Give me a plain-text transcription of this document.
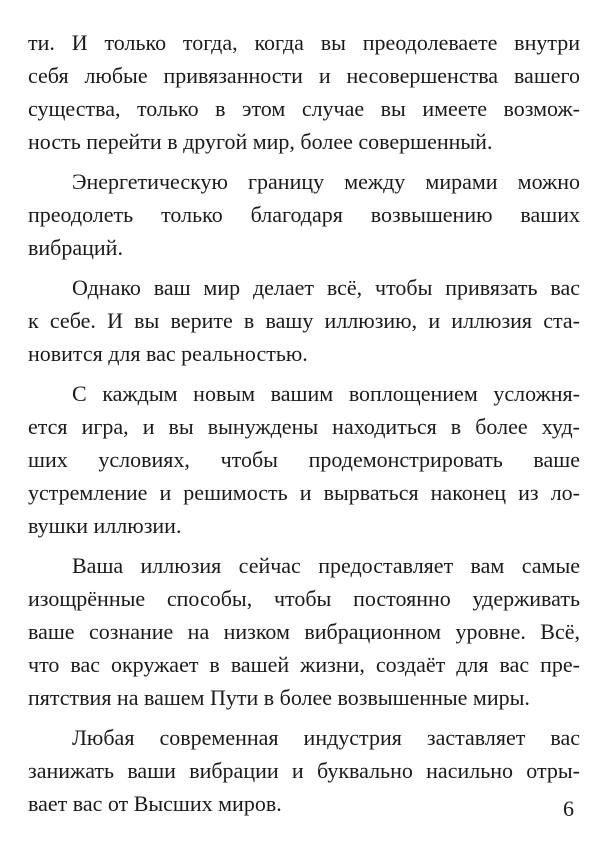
ти. И только тогда, когда вы преодолеваете внутри
себя любые привязанности и несовершенства вашего
существа, только в этом случае вы имеете возмож-
ность перейти в другой мир, более совершенный.
Энергетическую границу между мирами можно
преодолеть только благодаря возвышению ваших
вибраций.
Однако ваш мир делает всё, чтобы привязать вас
к себе. И вы верите в вашу иллюзию, и иллюзия ста-
новится для вас реальностью.
С каждым новым вашим воплощением усложня-
ется игра, и вы вынуждены находиться в более худ-
ших условиях, чтобы продемонстрировать ваше
устремление и решимость и вырваться наконец из ло-
вушки иллюзии.
Ваша иллюзия сейчас предоставляет вам самые
изощрённые способы, чтобы постоянно удерживать
ваше сознание на низком вибрационном уровне. Всё,
что вас окружает в вашей жизни, создаёт для вас пре-
пятствия на вашем Пути в более возвышенные миры.
Любая современная индустрия заставляет вас
занижать ваши вибрации и буквально насильно отры-
вает вас от Высших миров.	6
